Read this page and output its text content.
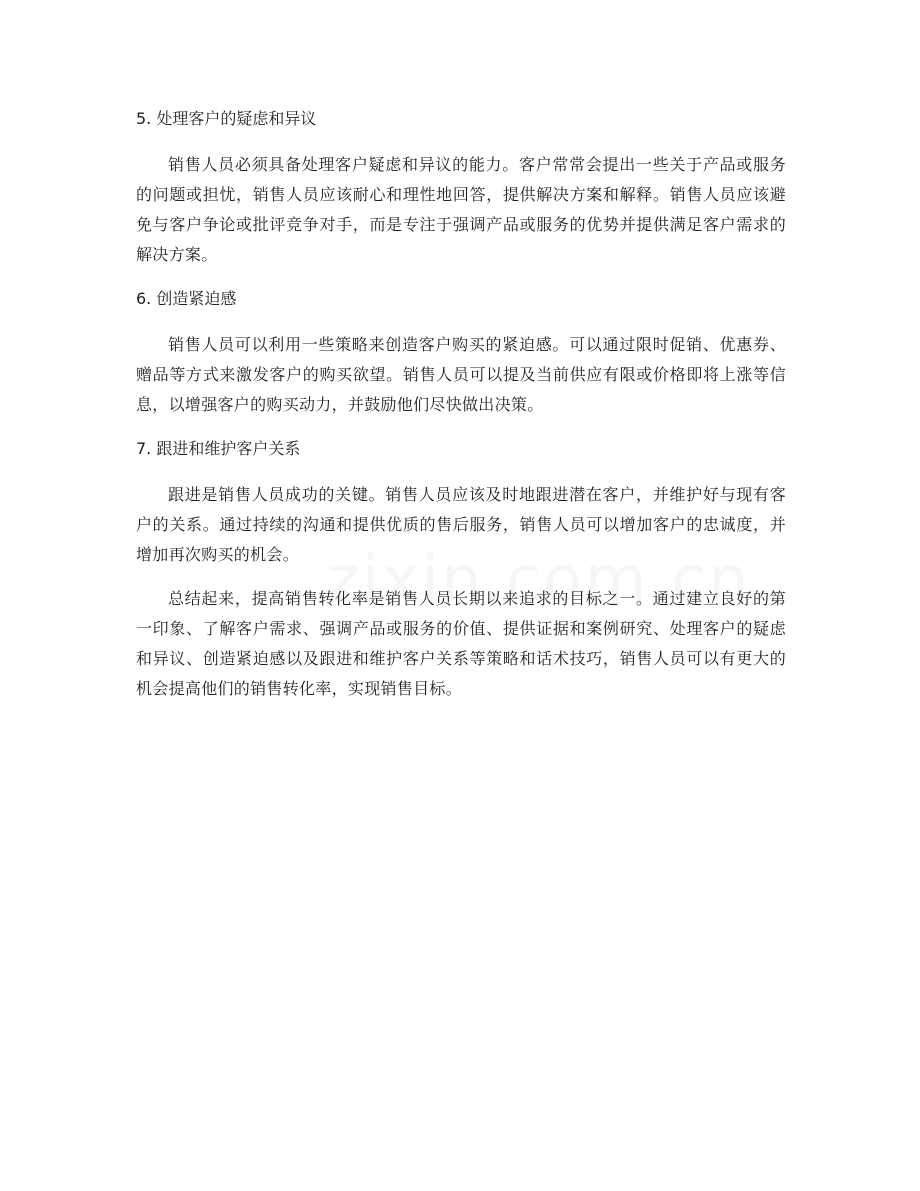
5. 处理客户的疑虑和异议

销售人员必须具备处理客户疑虑和异议的能力。客户常常会提出一些关于产品或服务的问题或担忧，销售人员应该耐心和理性地回答，提供解决方案和解释。销售人员应该避免与客户争论或批评竞争对手，而是专注于强调产品或服务的优势并提供满足客户需求的解决方案。

6. 创造紧迫感

销售人员可以利用一些策略来创造客户购买的紧迫感。可以通过限时促销、优惠券、赠品等方式来激发客户的购买欲望。销售人员可以提及当前供应有限或价格即将上涨等信息，以增强客户的购买动力，并鼓励他们尽快做出决策。

7. 跟进和维护客户关系

跟进是销售人员成功的关键。销售人员应该及时地跟进潜在客户，并维护好与现有客户的关系。通过持续的沟通和提供优质的售后服务，销售人员可以增加客户的忠诚度，并增加再次购买的机会。

总结起来，提高销售转化率是销售人员长期以来追求的目标之一。通过建立良好的第一印象、了解客户需求、强调产品或服务的价值、提供证据和案例研究、处理客户的疑虑和异议、创造紧迫感以及跟进和维护客户关系等策略和话术技巧，销售人员可以有更大的机会提高他们的销售转化率，实现销售目标。
